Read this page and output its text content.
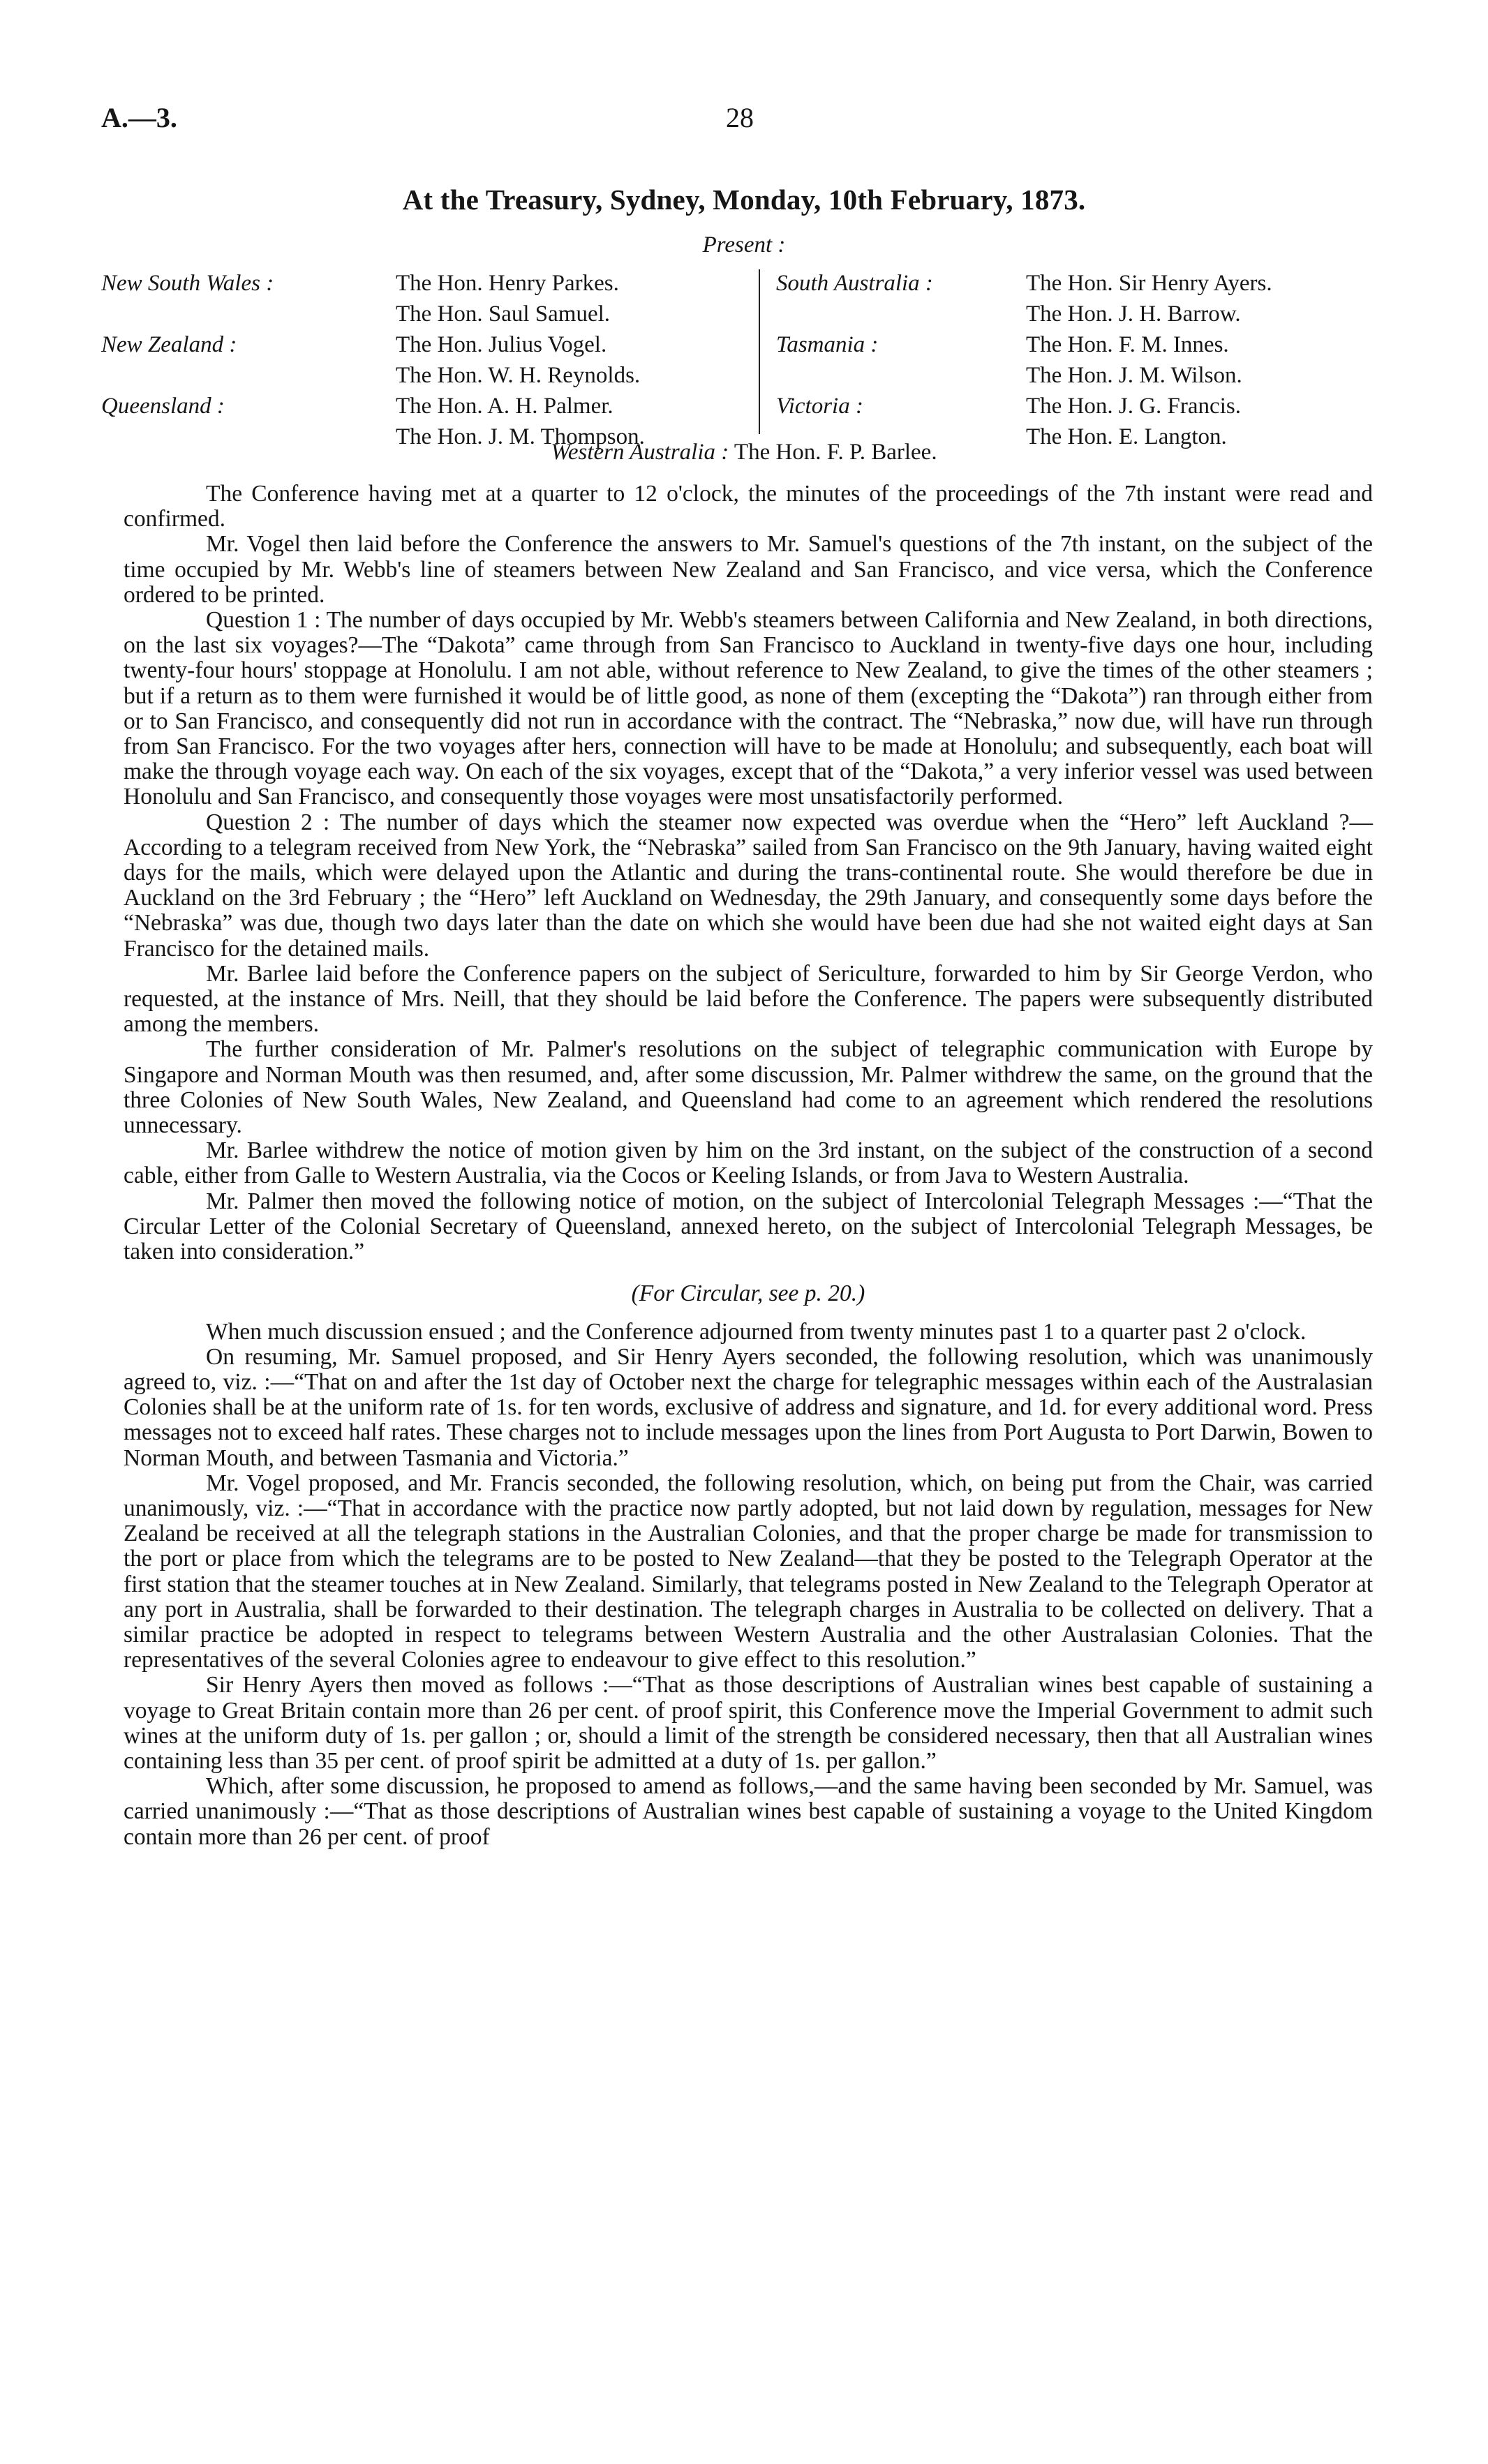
A.—3.	28
At the Treasury, Sydney, Monday, 10th February, 1873.
Present :
New South Wales :

New Zealand :

Queensland :
The Hon. Henry Parkes.
The Hon. Saul Samuel.
The Hon. Julius Vogel.
The Hon. W. H. Reynolds.
The Hon. A. H. Palmer.
The Hon. J. M. Thompson.
South Australia :

Tasmania :

Victoria :
The Hon. Sir Henry Ayers.
The Hon. J. H. Barrow.
The Hon. F. M. Innes.
The Hon. J. M. Wilson.
The Hon. J. G. Francis.
The Hon. E. Langton.
Western Australia : The Hon. F. P. Barlee.

The Conference having met at a quarter to 12 o'clock, the minutes of the proceedings of the 7th instant were read and confirmed.

Mr. Vogel then laid before the Conference the answers to Mr. Samuel's questions of the 7th instant, on the subject of the time occupied by Mr. Webb's line of steamers between New Zealand and San Francisco, and vice versa, which the Conference ordered to be printed.

Question 1 : The number of days occupied by Mr. Webb's steamers between California and New Zealand, in both directions, on the last six voyages?—The “Dakota” came through from San Francisco to Auckland in twenty-five days one hour, including twenty-four hours' stoppage at Honolulu. I am not able, without reference to New Zealand, to give the times of the other steamers ; but if a return as to them were furnished it would be of little good, as none of them (excepting the “Dakota”) ran through either from or to San Francisco, and consequently did not run in accordance with the contract. The “Nebraska,” now due, will have run through from San Francisco. For the two voyages after hers, connection will have to be made at Honolulu; and subsequently, each boat will make the through voyage each way. On each of the six voyages, except that of the “Dakota,” a very inferior vessel was used between Honolulu and San Francisco, and consequently those voyages were most unsatisfactorily performed.

Question 2 : The number of days which the steamer now expected was overdue when the “Hero” left Auckland ?—According to a telegram received from New York, the “Nebraska” sailed from San Francisco on the 9th January, having waited eight days for the mails, which were delayed upon the Atlantic and during the trans-continental route. She would therefore be due in Auckland on the 3rd February ; the “Hero” left Auckland on Wednesday, the 29th January, and consequently some days before the “Nebraska” was due, though two days later than the date on which she would have been due had she not waited eight days at San Francisco for the detained mails.

Mr. Barlee laid before the Conference papers on the subject of Sericulture, forwarded to him by Sir George Verdon, who requested, at the instance of Mrs. Neill, that they should be laid before the Conference. The papers were subsequently distributed among the members.

The further consideration of Mr. Palmer's resolutions on the subject of telegraphic communication with Europe by Singapore and Norman Mouth was then resumed, and, after some discussion, Mr. Palmer withdrew the same, on the ground that the three Colonies of New South Wales, New Zealand, and Queensland had come to an agreement which rendered the resolutions unnecessary.

Mr. Barlee withdrew the notice of motion given by him on the 3rd instant, on the subject of the construction of a second cable, either from Galle to Western Australia, via the Cocos or Keeling Islands, or from Java to Western Australia.

Mr. Palmer then moved the following notice of motion, on the subject of Intercolonial Telegraph Messages :—“That the Circular Letter of the Colonial Secretary of Queensland, annexed hereto, on the subject of Intercolonial Telegraph Messages, be taken into consideration.”

(For Circular, see p. 20.)

When much discussion ensued ; and the Conference adjourned from twenty minutes past 1 to a quarter past 2 o'clock.

On resuming, Mr. Samuel proposed, and Sir Henry Ayers seconded, the following resolution, which was unanimously agreed to, viz. :—“That on and after the 1st day of October next the charge for telegraphic messages within each of the Australasian Colonies shall be at the uniform rate of 1s. for ten words, exclusive of address and signature, and 1d. for every additional word. Press messages not to exceed half rates. These charges not to include messages upon the lines from Port Augusta to Port Darwin, Bowen to Norman Mouth, and between Tasmania and Victoria.”

Mr. Vogel proposed, and Mr. Francis seconded, the following resolution, which, on being put from the Chair, was carried unanimously, viz. :—“That in accordance with the practice now partly adopted, but not laid down by regulation, messages for New Zealand be received at all the telegraph stations in the Australian Colonies, and that the proper charge be made for transmission to the port or place from which the telegrams are to be posted to New Zealand—that they be posted to the Telegraph Operator at the first station that the steamer touches at in New Zealand. Similarly, that telegrams posted in New Zealand to the Telegraph Operator at any port in Australia, shall be forwarded to their destination. The telegraph charges in Australia to be collected on delivery. That a similar practice be adopted in respect to telegrams between Western Australia and the other Australasian Colonies. That the representatives of the several Colonies agree to endeavour to give effect to this resolution.”

Sir Henry Ayers then moved as follows :—“That as those descriptions of Australian wines best capable of sustaining a voyage to Great Britain contain more than 26 per cent. of proof spirit, this Conference move the Imperial Government to admit such wines at the uniform duty of 1s. per gallon ; or, should a limit of the strength be considered necessary, then that all Australian wines containing less than 35 per cent. of proof spirit be admitted at a duty of 1s. per gallon.”

Which, after some discussion, he proposed to amend as follows,—and the same having been seconded by Mr. Samuel, was carried unanimously :—“That as those descriptions of Australian wines best capable of sustaining a voyage to the United Kingdom contain more than 26 per cent. of proof
